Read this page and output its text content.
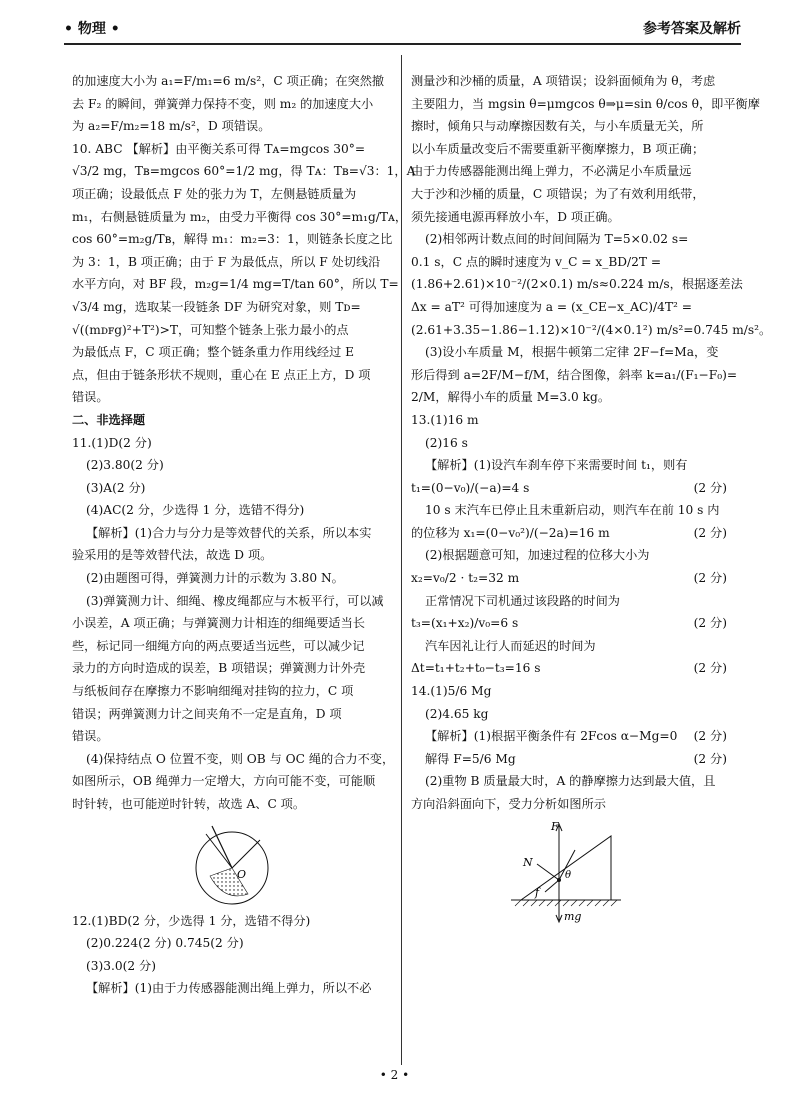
• 物理 •	参考答案及解析

的加速度大小为 a₁=F/m₁=6 m/s²，C 项正确；在突然撤

去 F₂ 的瞬间，弹簧弹力保持不变，则 m₂ 的加速度大小

为 a₂=F/m₂=18 m/s²，D 项错误。

10. ABC 【解析】由平衡关系可得 Tᴀ=mgcos 30°=

√3/2 mg，Tʙ=mgcos 60°=1/2 mg，得 Tᴀ：Tʙ=√3：1，A

项正确；设最低点 F 处的张力为 T，左侧悬链质量为

m₁，右侧悬链质量为 m₂，由受力平衡得 cos 30°=m₁g/Tᴀ，

cos 60°=m₂g/Tʙ，解得 m₁：m₂=3：1，则链条长度之比

为 3：1，B 项正确；由于 F 为最低点，所以 F 处切线沿

水平方向，对 BF 段，m₂g=1/4 mg=T/tan 60°，所以 T=

√3/4 mg，选取某一段链条 DF 为研究对象，则 Tᴅ=

√((mᴅꜰg)²+T²)>T，可知整个链条上张力最小的点

为最低点 F，C 项正确；整个链条重力作用线经过 E

点，但由于链条形状不规则，重心在 E 点正上方，D 项

错误。

二、非选择题

11.(1)D(2 分)

(2)3.80(2 分)

(3)A(2 分)

(4)AC(2 分，少选得 1 分，选错不得分)

【解析】(1)合力与分力是等效替代的关系，所以本实

验采用的是等效替代法，故选 D 项。

(2)由题图可得，弹簧测力计的示数为 3.80 N。

(3)弹簧测力计、细绳、橡皮绳都应与木板平行，可以减

小误差，A 项正确；与弹簧测力计相连的细绳要适当长

些，标记同一细绳方向的两点要适当远些，可以减少记

录力的方向时造成的误差，B 项错误；弹簧测力计外壳

与纸板间存在摩擦力不影响细绳对挂钩的拉力，C 项

错误；两弹簧测力计之间夹角不一定是直角，D 项

错误。

(4)保持结点 O 位置不变，则 OB 与 OC 绳的合力不变，

如图所示，OB 绳弹力一定增大，方向可能不变，可能顺

时针转，也可能逆时针转，故选 A、C 项。

O

12.(1)BD(2 分，少选得 1 分，选错不得分)

(2)0.224(2 分) 0.745(2 分)

(3)3.0(2 分)

【解析】(1)由于力传感器能测出绳上弹力，所以不必

测量沙和沙桶的质量，A 项错误；设斜面倾角为 θ，考虑

主要阻力，当 mgsin θ=μmgcos θ⇒μ=sin θ/cos θ，即平衡摩

擦时，倾角只与动摩擦因数有关，与小车质量无关，所

以小车质量改变后不需要重新平衡摩擦力，B 项正确；

由于力传感器能测出绳上弹力，不必满足小车质量远

大于沙和沙桶的质量，C 项错误；为了有效利用纸带，

须先接通电源再释放小车，D 项正确。

(2)相邻两计数点间的时间间隔为 T=5×0.02 s=

0.1 s，C 点的瞬时速度为 v_C = x_BD/2T =

(1.86+2.61)×10⁻²/(2×0.1) m/s≈0.224 m/s，根据逐差法

Δx = aT² 可得加速度为 a = (x_CE−x_AC)/4T² =

(2.61+3.35−1.86−1.12)×10⁻²/(4×0.1²) m/s²=0.745 m/s²。

(3)设小车质量 M，根据牛顿第二定律 2F−f=Ma，变

形后得到 a=2F/M−f/M，结合图像，斜率 k=a₁/(F₁−F₀)=

2/M，解得小车的质量 M=3.0 kg。

13.(1)16 m

(2)16 s

【解析】(1)设汽车刹车停下来需要时间 t₁，则有

t₁=(0−v₀)/(−a)=4 s	(2 分)

10 s 末汽车已停止且未重新启动，则汽车在前 10 s 内

的位移为 x₁=(0−v₀²)/(−2a)=16 m	(2 分)

(2)根据题意可知，加速过程的位移大小为

x₂=v₀/2 · t₂=32 m	(2 分)

正常情况下司机通过该段路的时间为

t₃=(x₁+x₂)/v₀=6 s	(2 分)

汽车因礼让行人而延迟的时间为

Δt=t₁+t₂+t₀−t₃=16 s	(2 分)

14.(1)5/6 Mg

(2)4.65 kg

【解析】(1)根据平衡条件有 2Fcos α−Mg=0 (2 分)

解得 F=5/6 Mg	(2 分)

(2)重物 B 质量最大时，A 的静摩擦力达到最大值，且

方向沿斜面向下，受力分析如图所示

F
N
f
θ
mg
• 2 •
